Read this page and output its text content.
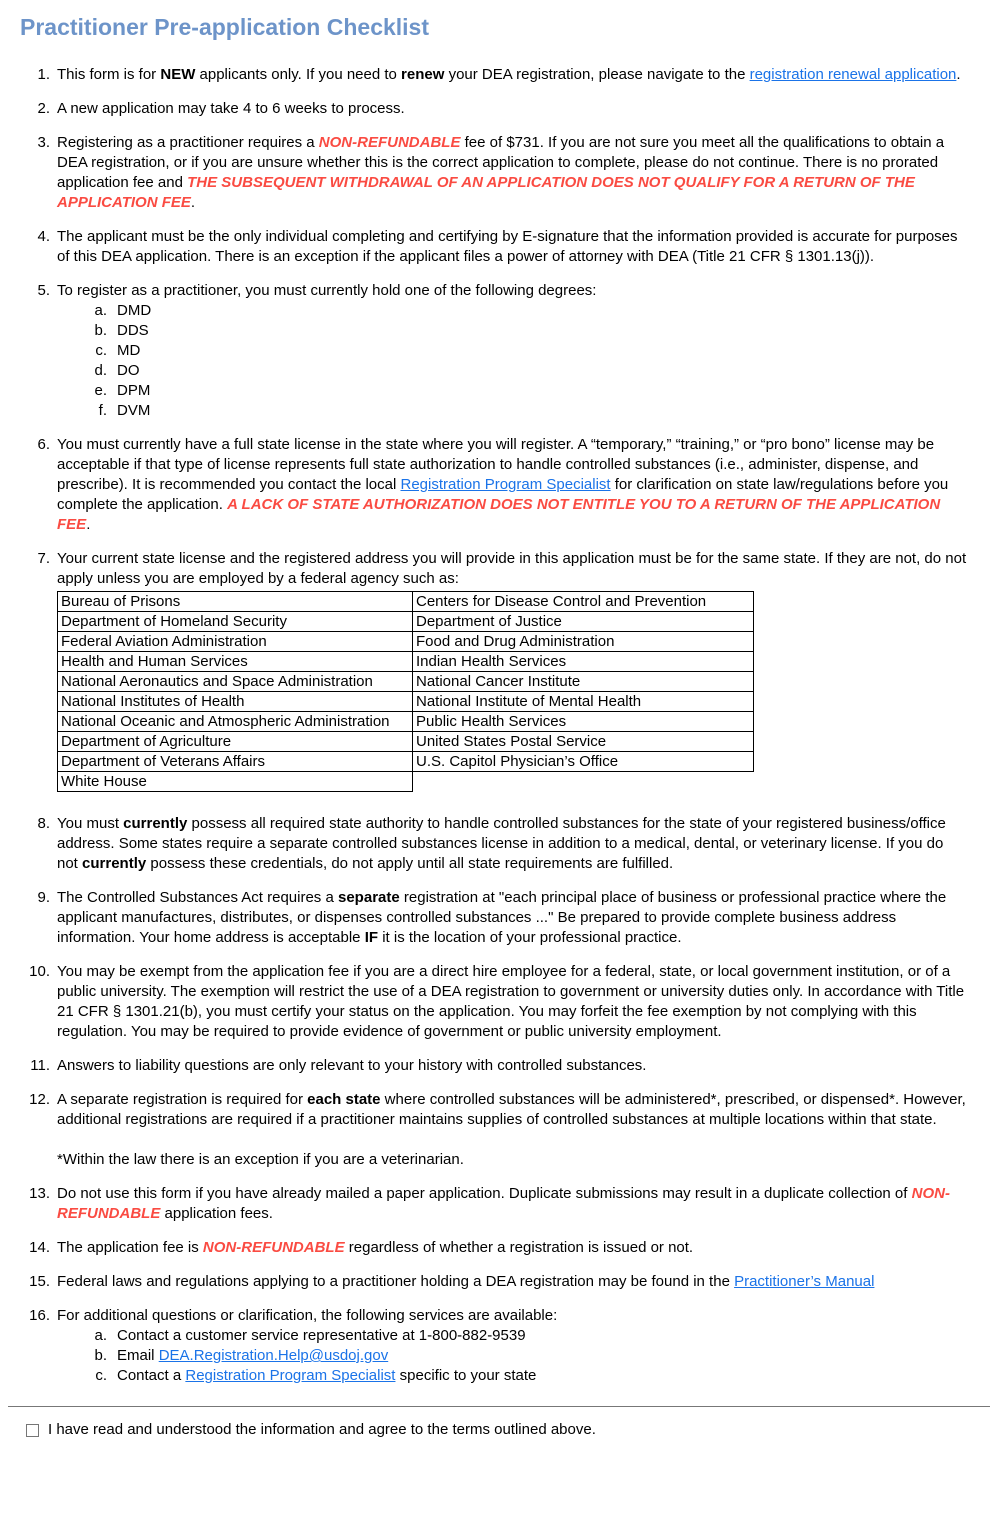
Practitioner Pre-application Checklist
1. This form is for NEW applicants only. If you need to renew your DEA registration, please navigate to the registration renewal application.
2. A new application may take 4 to 6 weeks to process.
3. Registering as a practitioner requires a NON-REFUNDABLE fee of $731. If you are not sure you meet all the qualifications to obtain a DEA registration, or if you are unsure whether this is the correct application to complete, please do not continue. There is no prorated application fee and THE SUBSEQUENT WITHDRAWAL OF AN APPLICATION DOES NOT QUALIFY FOR A RETURN OF THE APPLICATION FEE.
4. The applicant must be the only individual completing and certifying by E-signature that the information provided is accurate for purposes of this DEA application. There is an exception if the applicant files a power of attorney with DEA (Title 21 CFR § 1301.13(j)).
5. To register as a practitioner, you must currently hold one of the following degrees:
a. DMD
b. DDS
c. MD
d. DO
e. DPM
f. DVM
6. You must currently have a full state license in the state where you will register. A “temporary,” “training,” or “pro bono” license may be acceptable if that type of license represents full state authorization to handle controlled substances (i.e., administer, dispense, and prescribe). It is recommended you contact the local Registration Program Specialist for clarification on state law/regulations before you complete the application. A LACK OF STATE AUTHORIZATION DOES NOT ENTITLE YOU TO A RETURN OF THE APPLICATION FEE.
7. Your current state license and the registered address you will provide in this application must be for the same state. If they are not, do not apply unless you are employed by a federal agency such as:
Bureau of Prisons	Centers for Disease Control and Prevention
Department of Homeland Security	Department of Justice
Federal Aviation Administration	Food and Drug Administration
Health and Human Services	Indian Health Services
National Aeronautics and Space Administration	National Cancer Institute
National Institutes of Health	National Institute of Mental Health
National Oceanic and Atmospheric Administration	Public Health Services
Department of Agriculture	United States Postal Service
Department of Veterans Affairs	U.S. Capitol Physician’s Office
White House	
8. You must currently possess all required state authority to handle controlled substances for the state of your registered business/office address. Some states require a separate controlled substances license in addition to a medical, dental, or veterinary license. If you do not currently possess these credentials, do not apply until all state requirements are fulfilled.
9. The Controlled Substances Act requires a separate registration at "each principal place of business or professional practice where the applicant manufactures, distributes, or dispenses controlled substances ..." Be prepared to provide complete business address information. Your home address is acceptable IF it is the location of your professional practice.
10. You may be exempt from the application fee if you are a direct hire employee for a federal, state, or local government institution, or of a public university. The exemption will restrict the use of a DEA registration to government or university duties only. In accordance with Title 21 CFR § 1301.21(b), you must certify your status on the application. You may forfeit the fee exemption by not complying with this regulation. You may be required to provide evidence of government or public university employment.
11. Answers to liability questions are only relevant to your history with controlled substances.
12. A separate registration is required for each state where controlled substances will be administered*, prescribed, or dispensed*. However, additional registrations are required if a practitioner maintains supplies of controlled substances at multiple locations within that state.
*Within the law there is an exception if you are a veterinarian.
13. Do not use this form if you have already mailed a paper application. Duplicate submissions may result in a duplicate collection of NON-REFUNDABLE application fees.
14. The application fee is NON-REFUNDABLE regardless of whether a registration is issued or not.
15. Federal laws and regulations applying to a practitioner holding a DEA registration may be found in the Practitioner’s Manual
16. For additional questions or clarification, the following services are available:
a. Contact a customer service representative at 1-800-882-9539
b. Email DEA.Registration.Help@usdoj.gov
c. Contact a Registration Program Specialist specific to your state
I have read and understood the information and agree to the terms outlined above.
